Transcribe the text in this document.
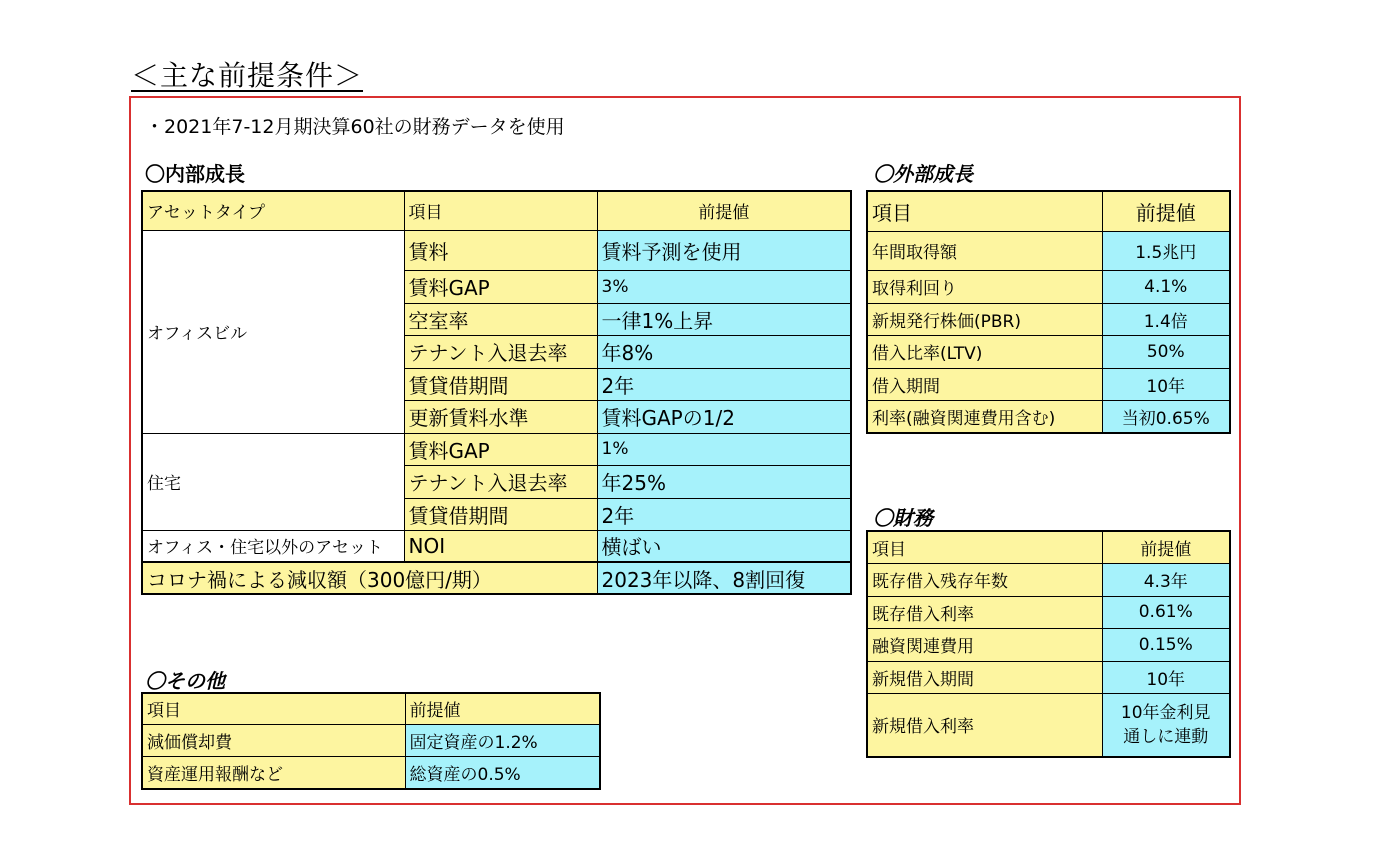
＜主な前提条件＞
・2021年7-12月期決算60社の財務データを使用
〇内部成長
アセットタイプ	項目	前提値
オフィスビル	賃料	賃料予測を使用
	賃料GAP	3%
	空室率	一律1%上昇
	テナント入退去率	年8%
	賃貸借期間	2年
	更新賃料水準	賃料GAPの1/2
住宅	賃料GAP	1%
	テナント入退去率	年25%
	賃貸借期間	2年
オフィス・住宅以外のアセット	NOI	横ばい
コロナ禍による減収額（300億円/期）		2023年以降、8割回復
〇外部成長
項目	前提値
年間取得額	1.5兆円
取得利回り	4.1%
新規発行株価(PBR)	1.4倍
借入比率(LTV)	50%
借入期間	10年
利率(融資関連費用含む)	当初0.65%
〇財務
項目	前提値
既存借入残存年数	4.3年
既存借入利率	0.61%
融資関連費用	0.15%
新規借入期間	10年
新規借入利率	10年金利見通しに連動
〇その他
項目	前提値
減価償却費	固定資産の1.2%
資産運用報酬など	総資産の0.5%
